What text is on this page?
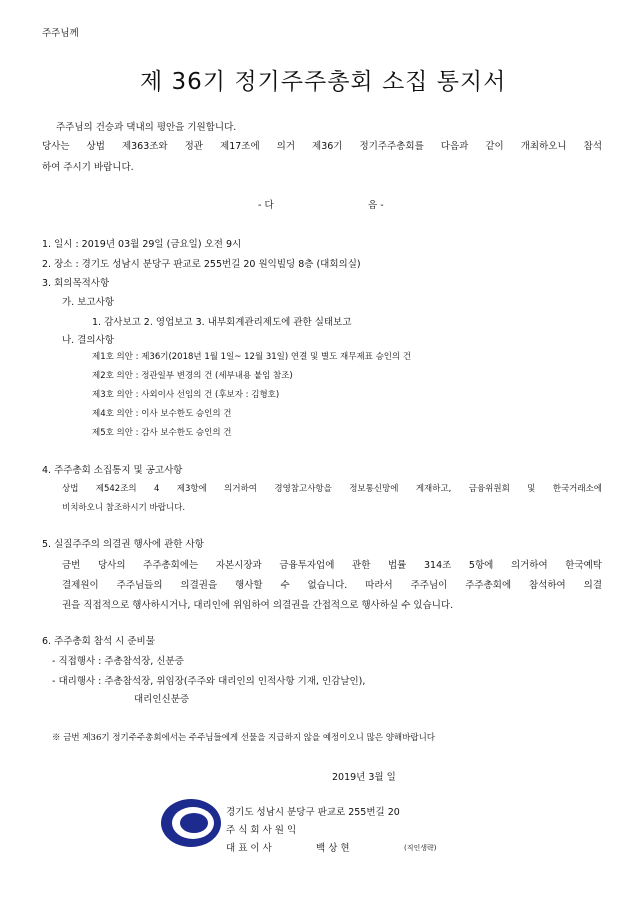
주주님께
제 36기 정기주주총회 소집 통지서
주주님의 건승과 댁내의 평안을 기원합니다.
당사는 상법 제363조와 정관 제17조에 의거 제36기 정기주주총회를 다음과 같이 개최하오니 참석
하여 주시기 바랍니다.
- 다	음 -
1. 일시 : 2019년 03월 29일 (금요일) 오전 9시
2. 장소 : 경기도 성남시 분당구 판교로 255번길 20 원익빌딩 8층 (대회의실)
3. 회의목적사항
가. 보고사항
1. 감사보고 2. 영업보고 3. 내부회계관리제도에 관한 실태보고
나. 결의사항
제1호 의안 : 제36기(2018년 1월 1일~ 12월 31일) 연결 및 별도 재무제표 승인의 건
제2호 의안 : 정관일부 변경의 건 (세부내용 붙임 참조)
제3호 의안 : 사외이사 선임의 건 (후보자 : 김형호)
제4호 의안 : 이사 보수한도 승인의 건
제5호 의안 : 감사 보수한도 승인의 건
4. 주주총회 소집통지 및 공고사항
상법 제542조의 4 제3항에 의거하여 경영참고사항을 정보통신망에 게재하고, 금융위원회 및 한국거래소에
비치하오니 참조하시기 바랍니다.
5. 실질주주의 의결권 행사에 관한 사항
금번 당사의 주주총회에는 자본시장과 금융투자업에 관한 법률 314조 5항에 의거하여 한국예탁
결제원이 주주님들의 의결권을 행사할 수 없습니다. 따라서 주주님이 주주총회에 참석하여 의결
권을 직접적으로 행사하시거나, 대리인에 위임하여 의결권을 간접적으로 행사하실 수 있습니다.
6. 주주총회 참석 시 준비물
- 직접행사 : 주총참석장, 신분증
- 대리행사 : 주총참석장, 위임장(주주와 대리인의 인적사항 기재, 인감날인),
대리인신분증
※ 금번 제36기 정기주주총회에서는 주주님들에게 선물을 지급하지 않을 예정이오니 많은 양해바랍니다
2019년 3월 일
경기도 성남시 분당구 판교로 255번길 20
주 식 회 사 원 익
대 표 이 사	백 상 현	(직인생략)
